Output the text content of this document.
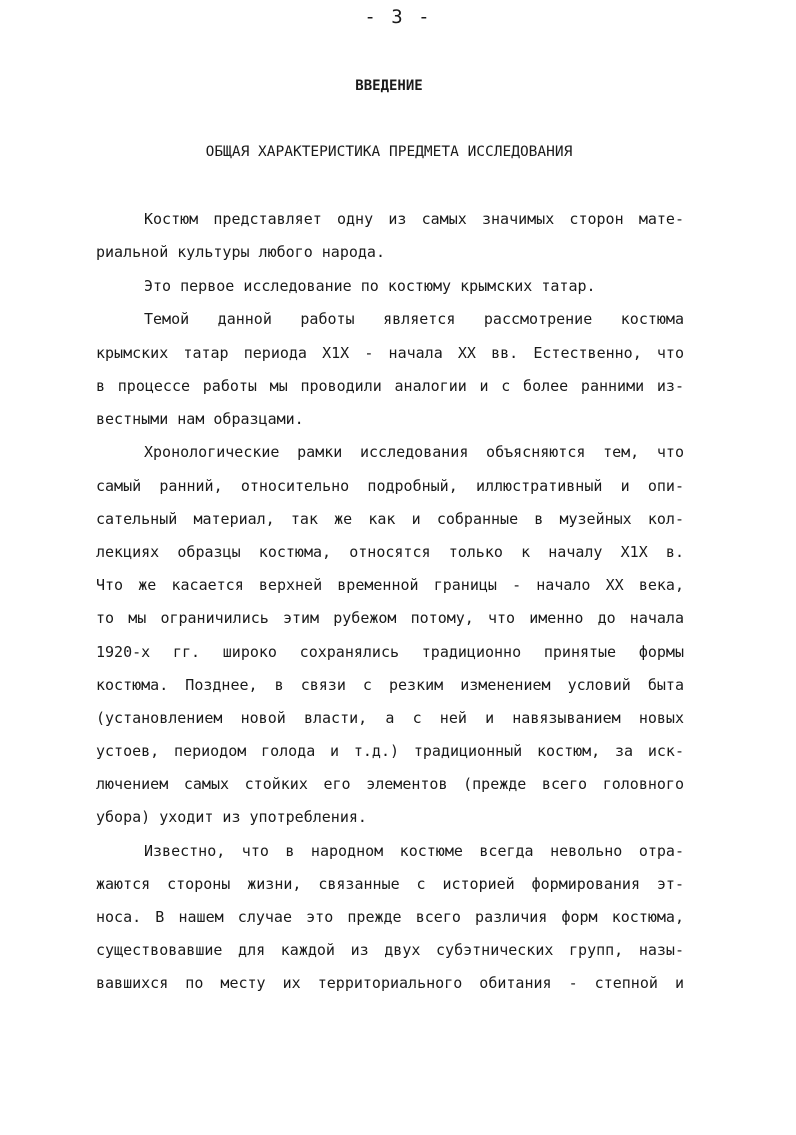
- 3 -
ВВЕДЕНИЕ
ОБЩАЯ ХАРАКТЕРИСТИКА ПРЕДМЕТА ИССЛЕДОВАНИЯ
Костюм представляет одну из самых значимых сторон мате-
риальной культуры любого народа.
Это первое исследование по костюму крымских татар.
Темой данной работы является рассмотрение костюма
крымских татар периода Х1Х - начала ХХ вв. Естественно, что
в процессе работы мы проводили аналогии и с более ранними из-
вестными нам образцами.
Хронологические рамки исследования объясняются тем, что
самый ранний, относительно подробный, иллюстративный и опи-
сательный материал, так же как и собранные в музейных кол-
лекциях образцы костюма, относятся только к началу Х1Х в.
Что же касается верхней временной границы - начало ХХ века,
то мы ограничились этим рубежом потому, что именно до начала
1920-х гг. широко сохранялись традиционно принятые формы
костюма. Позднее, в связи с резким изменением условий быта
(установлением новой власти, а с ней и навязыванием новых
устоев, периодом голода и т.д.) традиционный костюм, за иск-
лючением самых стойких его элементов (прежде всего головного
убора) уходит из употребления.
Известно, что в народном костюме всегда невольно отра-
жаются стороны жизни, связанные с историей формирования эт-
носа. В нашем случае это прежде всего различия форм костюма,
существовавшие для каждой из двух субэтнических групп, назы-
вавшихся по месту их территориального обитания - степной и
